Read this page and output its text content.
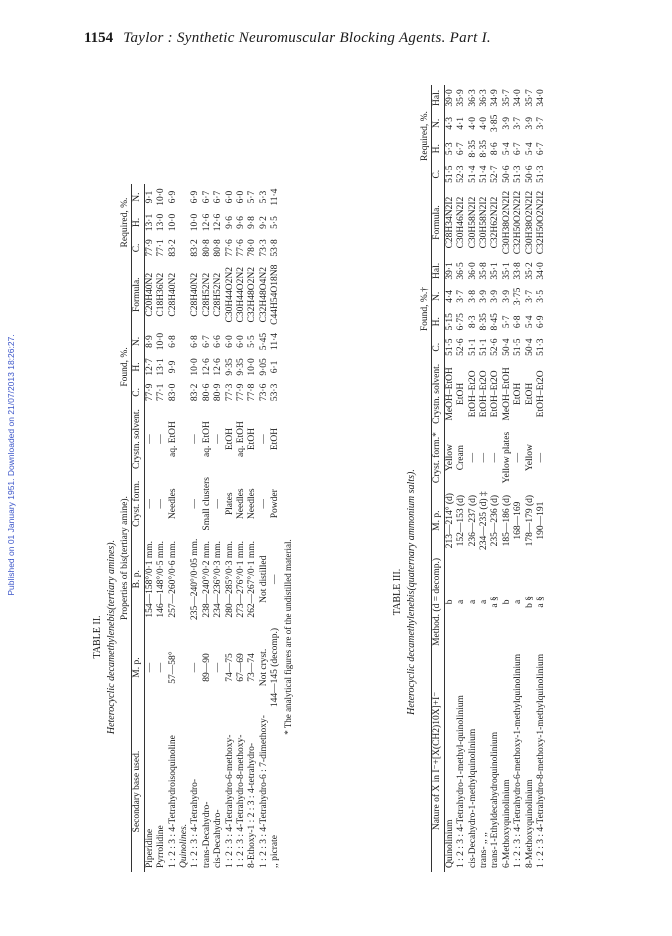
1154 Taylor : Synthetic Neuromuscular Blocking Agents. Part I.
Published on 01 January 1951. Downloaded on 21/07/2013 18:26:27.
TABLE II. Heterocyclic decamethylenebis(tertiary amines).
	Properties of bis(tertiary amine).				Found, %.				Required, %.		
Secondary base used.	M. p.	B. p.	Cryst. form.	Crystn. solvent.	C.	H.	N.	Formula.	C.	H.	N.
Piperidine	—	154—158°/0·1 mm.	—	—	77·9	12·7	8·9	C20H40N2	77·9	13·1	9·1
Pyrrolidine	—	146—148°/0·5 mm.	—	—	77·1	13·1	10·0	C18H36N2	77·1	13·0	10·0
1 : 2 : 3 : 4-Tetrahydroisoquinoline	57—58°	257—260°/0·6 mm.	Needles	aq. EtOH	83·0	9·9	6·8	C28H40N2	83·2	10·0	6·9
Quinolines.											
1 : 2 : 3 : 4-Tetrahydro-	—	235—240°/0·05 mm.	—	—	83·2	10·0	6·8	C28H40N2	83·2	10·0	6·9
trans-Decahydro-	89—90	238—240°/0·2 mm.	Small clusters	aq. EtOH	80·6	12·6	6·7	C28H52N2	80·8	12·6	6·7
cis-Decahydro-	—	234—236°/0·3 mm.	—	—	80·9	12·6	6·6	C28H52N2	80·8	12·6	6·7
1 : 2 : 3 : 4-Tetrahydro-6-methoxy-	74—75	280—285°/0·3 mm.	Plates	EtOH	77·3	9·35	6·0	C30H44O2N2	77·6	9·6	6·0
1 : 2 : 3 : 4-Tetrahydro-8-methoxy-	67—69	273—276°/0·1 mm.	Needles	aq. EtOH	77·9	9·35	6·0	C30H44O2N2	77·6	9·6	6·0
8-Ethoxy-1 : 2 : 3 : 4-tetrahydro-	73—74	262—267°/0·1 mm.	Needles	EtOH	77·8	10·0	5·5	C32H48O2N2	78·0	9·8	5·7
1 : 2 : 3 : 4-Tetrahydro-6 : 7-dimethoxy-	Not cryst.	Not distilled	—	—	73·6	9·05	5·45	C32H48O4N2	73·3	9·2	5·3
,, picrate	144—145 (decomp.)	—	Powder	EtOH	53·3	6·1	11·4	C44H54O18N8	53·8	5·5	11·4
* The analytical figures are of the undistilled material.	TABLE III. Heterocyclic decamethylenebis(quaternary ammonium salts).
					Found, %.†					Required, %.			
Nature of X in I⁻+[X(CH2)10X]+I⁻	Method. (d = decomp.)	M. p.	Cryst. form.*	Crystn. solvent.	C.	H.	N.	Hal.	Formula.	C.	H.	N.	Hal.
Quinolinium	b	213—214° (d)	Yellow	MeOH–EtOH	51·5	5·15	4·4	39·1	C28H34N2I2	51·5	5·3	4·3	39·0
1 : 2 : 3 : 4-Tetrahydro-1-methyl-quinolinium	a	152—153 (d)	Cream	EtOH	52·6	6·75	3·7	36·5	C30H46N2I2	52·3	6·7	4·1	35·9
cis-Decahydro-1-methylquinolinium	a	236—237 (d)	—	EtOH–Et2O	51·1	8·3	3·8	36·0	C30H58N2I2	51·4	8·35	4·0	36·3
trans- ,, ,,	a	234—235 (d) ‡	—	EtOH–Et2O	51·1	8·35	3·9	35·8	C30H58N2I2	51·4	8·35	4·0	36·3
trans-1-Ethyldecahydroquinolinium	a §	235—236 (d)	—	EtOH–Et2O	52·6	8·45	3·9	35·1	C32H62N2I2	52·7	8·6	3·85	34·9
6-Methoxyquinolinium	b	185—186 (d)	Yellow plates	MeOH–EtOH	50·4	5·7	3·9	35·1	C30H38O2N2I2	50·6	5·4	3·9	35·7
1 : 2 : 3 : 4-Tetrahydro-6-methoxy-1-methylquinolinium	a	168—169	—	EtOH	51·5	6·8	3·75	33·8	C32H50O2N2I2	51·3	6·7	3·7	34·0
8-Methoxyquinolinium	b §	178—179 (d)	Yellow	EtOH	50·4	5·4	3·7	35·2	C30H38O2N2I2	50·6	5·4	3·9	35·7
1 : 2 : 3 : 4-Tetrahydro-8-methoxy-1-methylquinolinium	a §	190—191	—	EtOH–Et2O	51·3	6·9	3·5	34·0	C32H50O2N2I2	51·3	6·7	3·7	34·0
